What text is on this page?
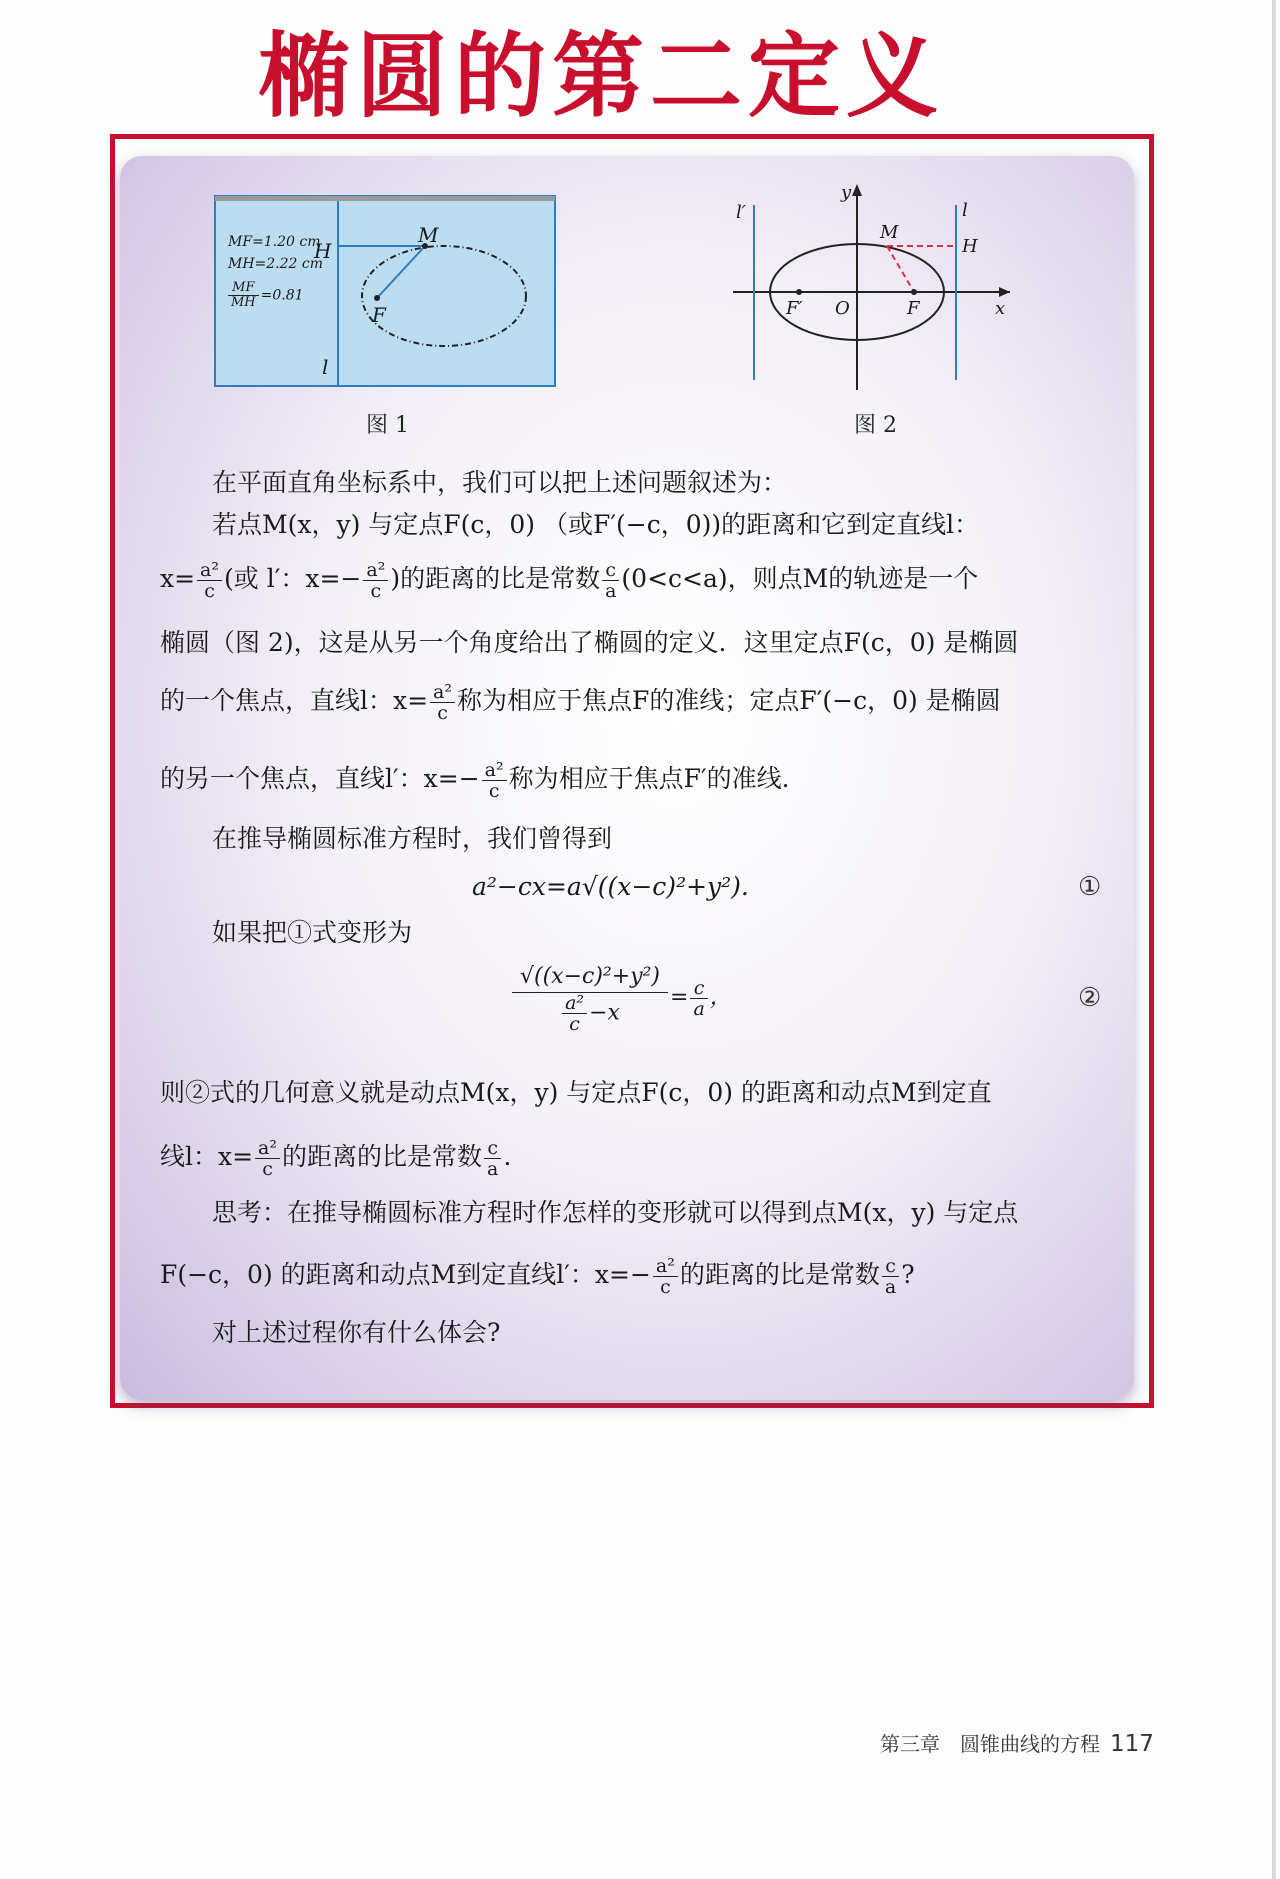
椭圆的第二定义
MF=1.20 cm
MH=2.22 cm
$\frac{MF}{MH} =0.81$
H
M
F
l
图 1
y
x
l′	l
M
H
F′ O	F
图 2
在平面直角坐标系中，我们可以把上述问题叙述为：
若点M(x，y) 与定点F(c，0) （或F′(−c，0))的距离和它到定直线l：
$x= \frac{\text{a²}}{c}$ (或 l′：$x=- \frac{\text{a²}}{c}$ )的距离的比是常数 $\frac{c}{a} (0<c<a)$，则点M的轨迹是一个
椭圆（图 2)，这是从另一个角度给出了椭圆的定义．这里定点F(c，0) 是椭圆
的一个焦点，直线l：$x= \frac{\text{a²}}{c}$ 称为相应于焦点F的准线；定点F′(−c，0) 是椭圆
的另一个焦点，直线l′：$x=- \frac{\text{a²}}{c}$ 称为相应于焦点F′的准线.
在推导椭圆标准方程时，我们曾得到
a²−cx=a√((x−c)²+y²).	①
如果把①式变形为
$\frac{\text{√((x−c)²+y²)}}{\frac{\text{a²}}{c} -x} = \frac{c}{a}$ ，	②
则②式的几何意义就是动点M(x，y) 与定点F(c，0) 的距离和动点M到定直
线l：$x= \frac{\text{a²}}{c}$ 的距离的比是常数 $\frac{c}{a}$ .
思考：在推导椭圆标准方程时作怎样的变形就可以得到点M(x，y) 与定点
F(−c，0) 的距离和动点M到定直线l′：$x=- \frac{\text{a²}}{c}$ 的距离的比是常数 $\frac{c}{a}$ ?
对上述过程你有什么体会?
第三章　圆锥曲线的方程 117
